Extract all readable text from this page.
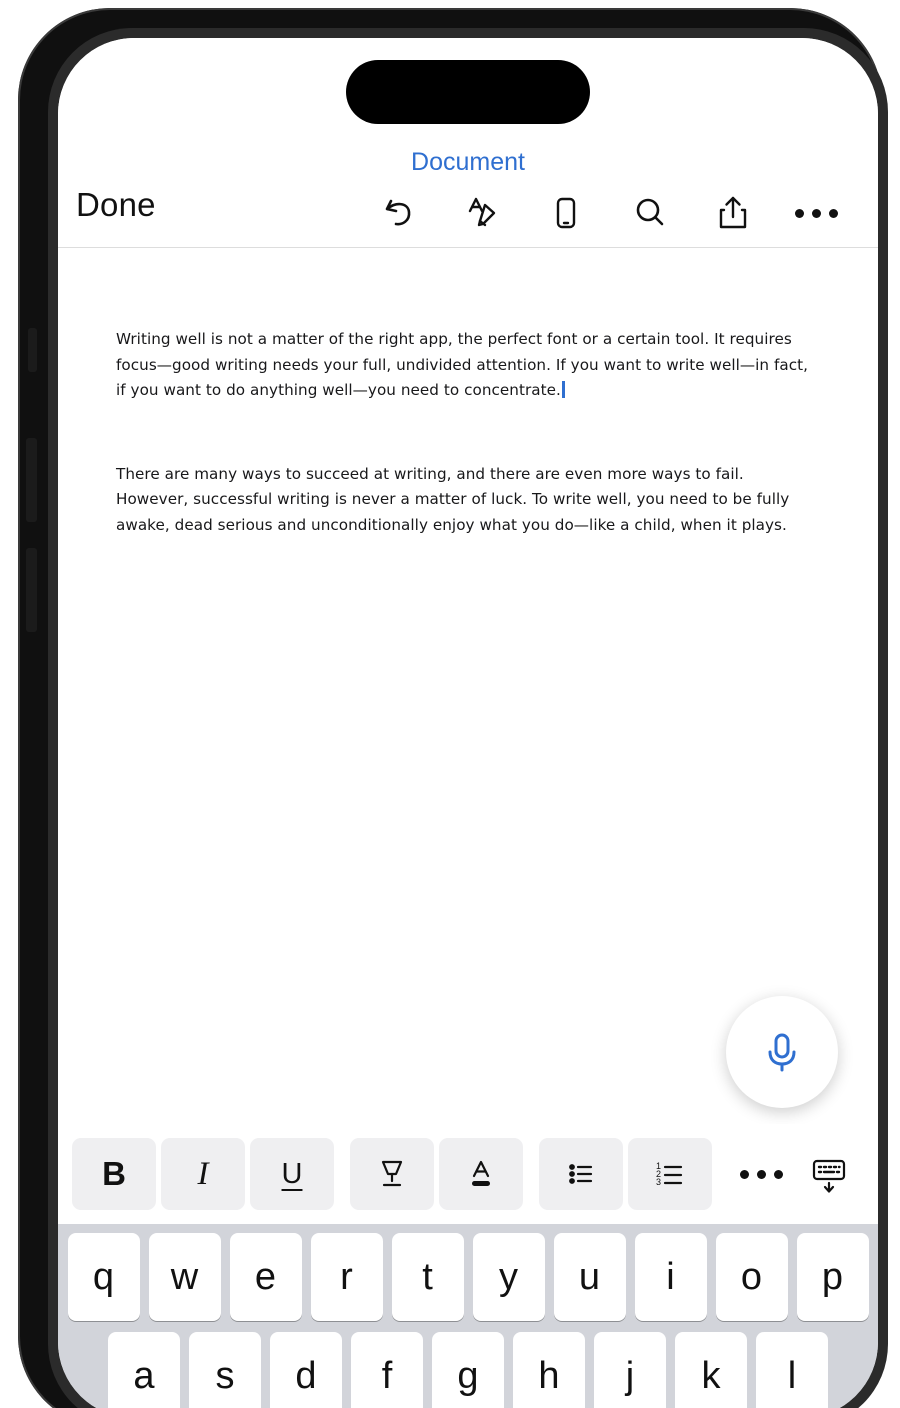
Document
Done

Writing well is not a matter of the right app, the perfect font or a certain tool. It requires focus—good writing needs your full, undivided attention. If you want to write well—in fact, if you want to do anything well—you need to concentrate.

There are many ways to succeed at writing, and there are even more ways to fail. However, successful writing is never a matter of luck. To write well, you need to be fully awake, dead serious and unconditionally enjoy what you do—like a child, when it plays.

B	I	U	1
2
3
q	w	e	r	t	y	u	i	o	p
a	s	d	f	g	h	j	k	l
